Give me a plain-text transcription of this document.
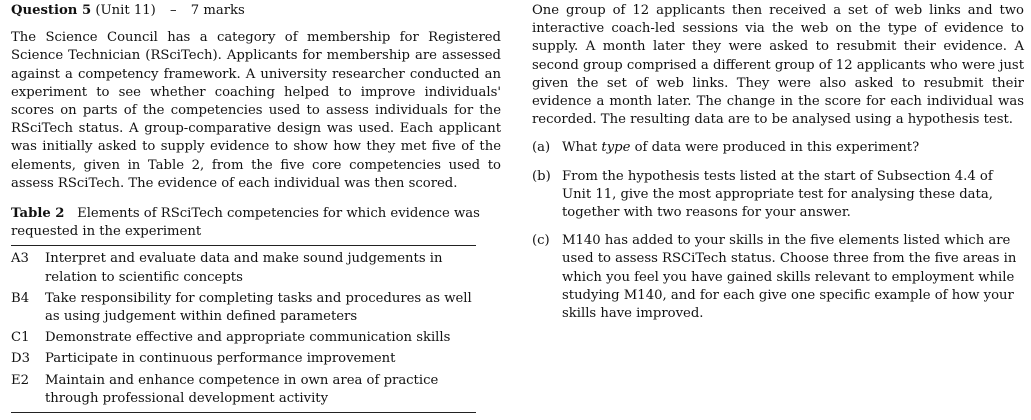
Question 5 (Unit 11) – 7 marks

The Science Council has a category of membership for Registered Science Technician (RSciTech). Applicants for membership are assessed against a competency framework. A university researcher conducted an experiment to see whether coaching helped to improve individuals' scores on parts of the competencies used to assess individuals for the RSciTech status. A group-comparative design was used. Each applicant was initially asked to supply evidence to show how they met five of the elements, given in Table 2, from the five core competencies used to assess RSciTech. The evidence of each individual was then scored.

Table 2 Elements of RSciTech competencies for which evidence was requested in the experiment
A3	Interpret and evaluate data and make sound judgements in relation to scientific concepts
B4	Take responsibility for completing tasks and procedures as well as using judgement within defined parameters
C1	Demonstrate effective and appropriate communication skills
D3	Participate in continuous performance improvement
E2	Maintain and enhance competence in own area of practice through professional development activity

One group of 12 applicants then received a set of web links and two interactive coach-led sessions via the web on the type of evidence to supply. A month later they were asked to resubmit their evidence. A second group comprised a different group of 12 applicants who were just given the set of web links. They were also asked to resubmit their evidence a month later. The change in the score for each individual was recorded. The resulting data are to be analysed using a hypothesis test.

(a) What type of data were produced in this experiment?
(b) From the hypothesis tests listed at the start of Subsection 4.4 of Unit 11, give the most appropriate test for analysing these data, together with two reasons for your answer.
(c) M140 has added to your skills in the five elements listed which are used to assess RSCiTech status. Choose three from the five areas in which you feel you have gained skills relevant to employment while studying M140, and for each give one specific example of how your skills have improved.
